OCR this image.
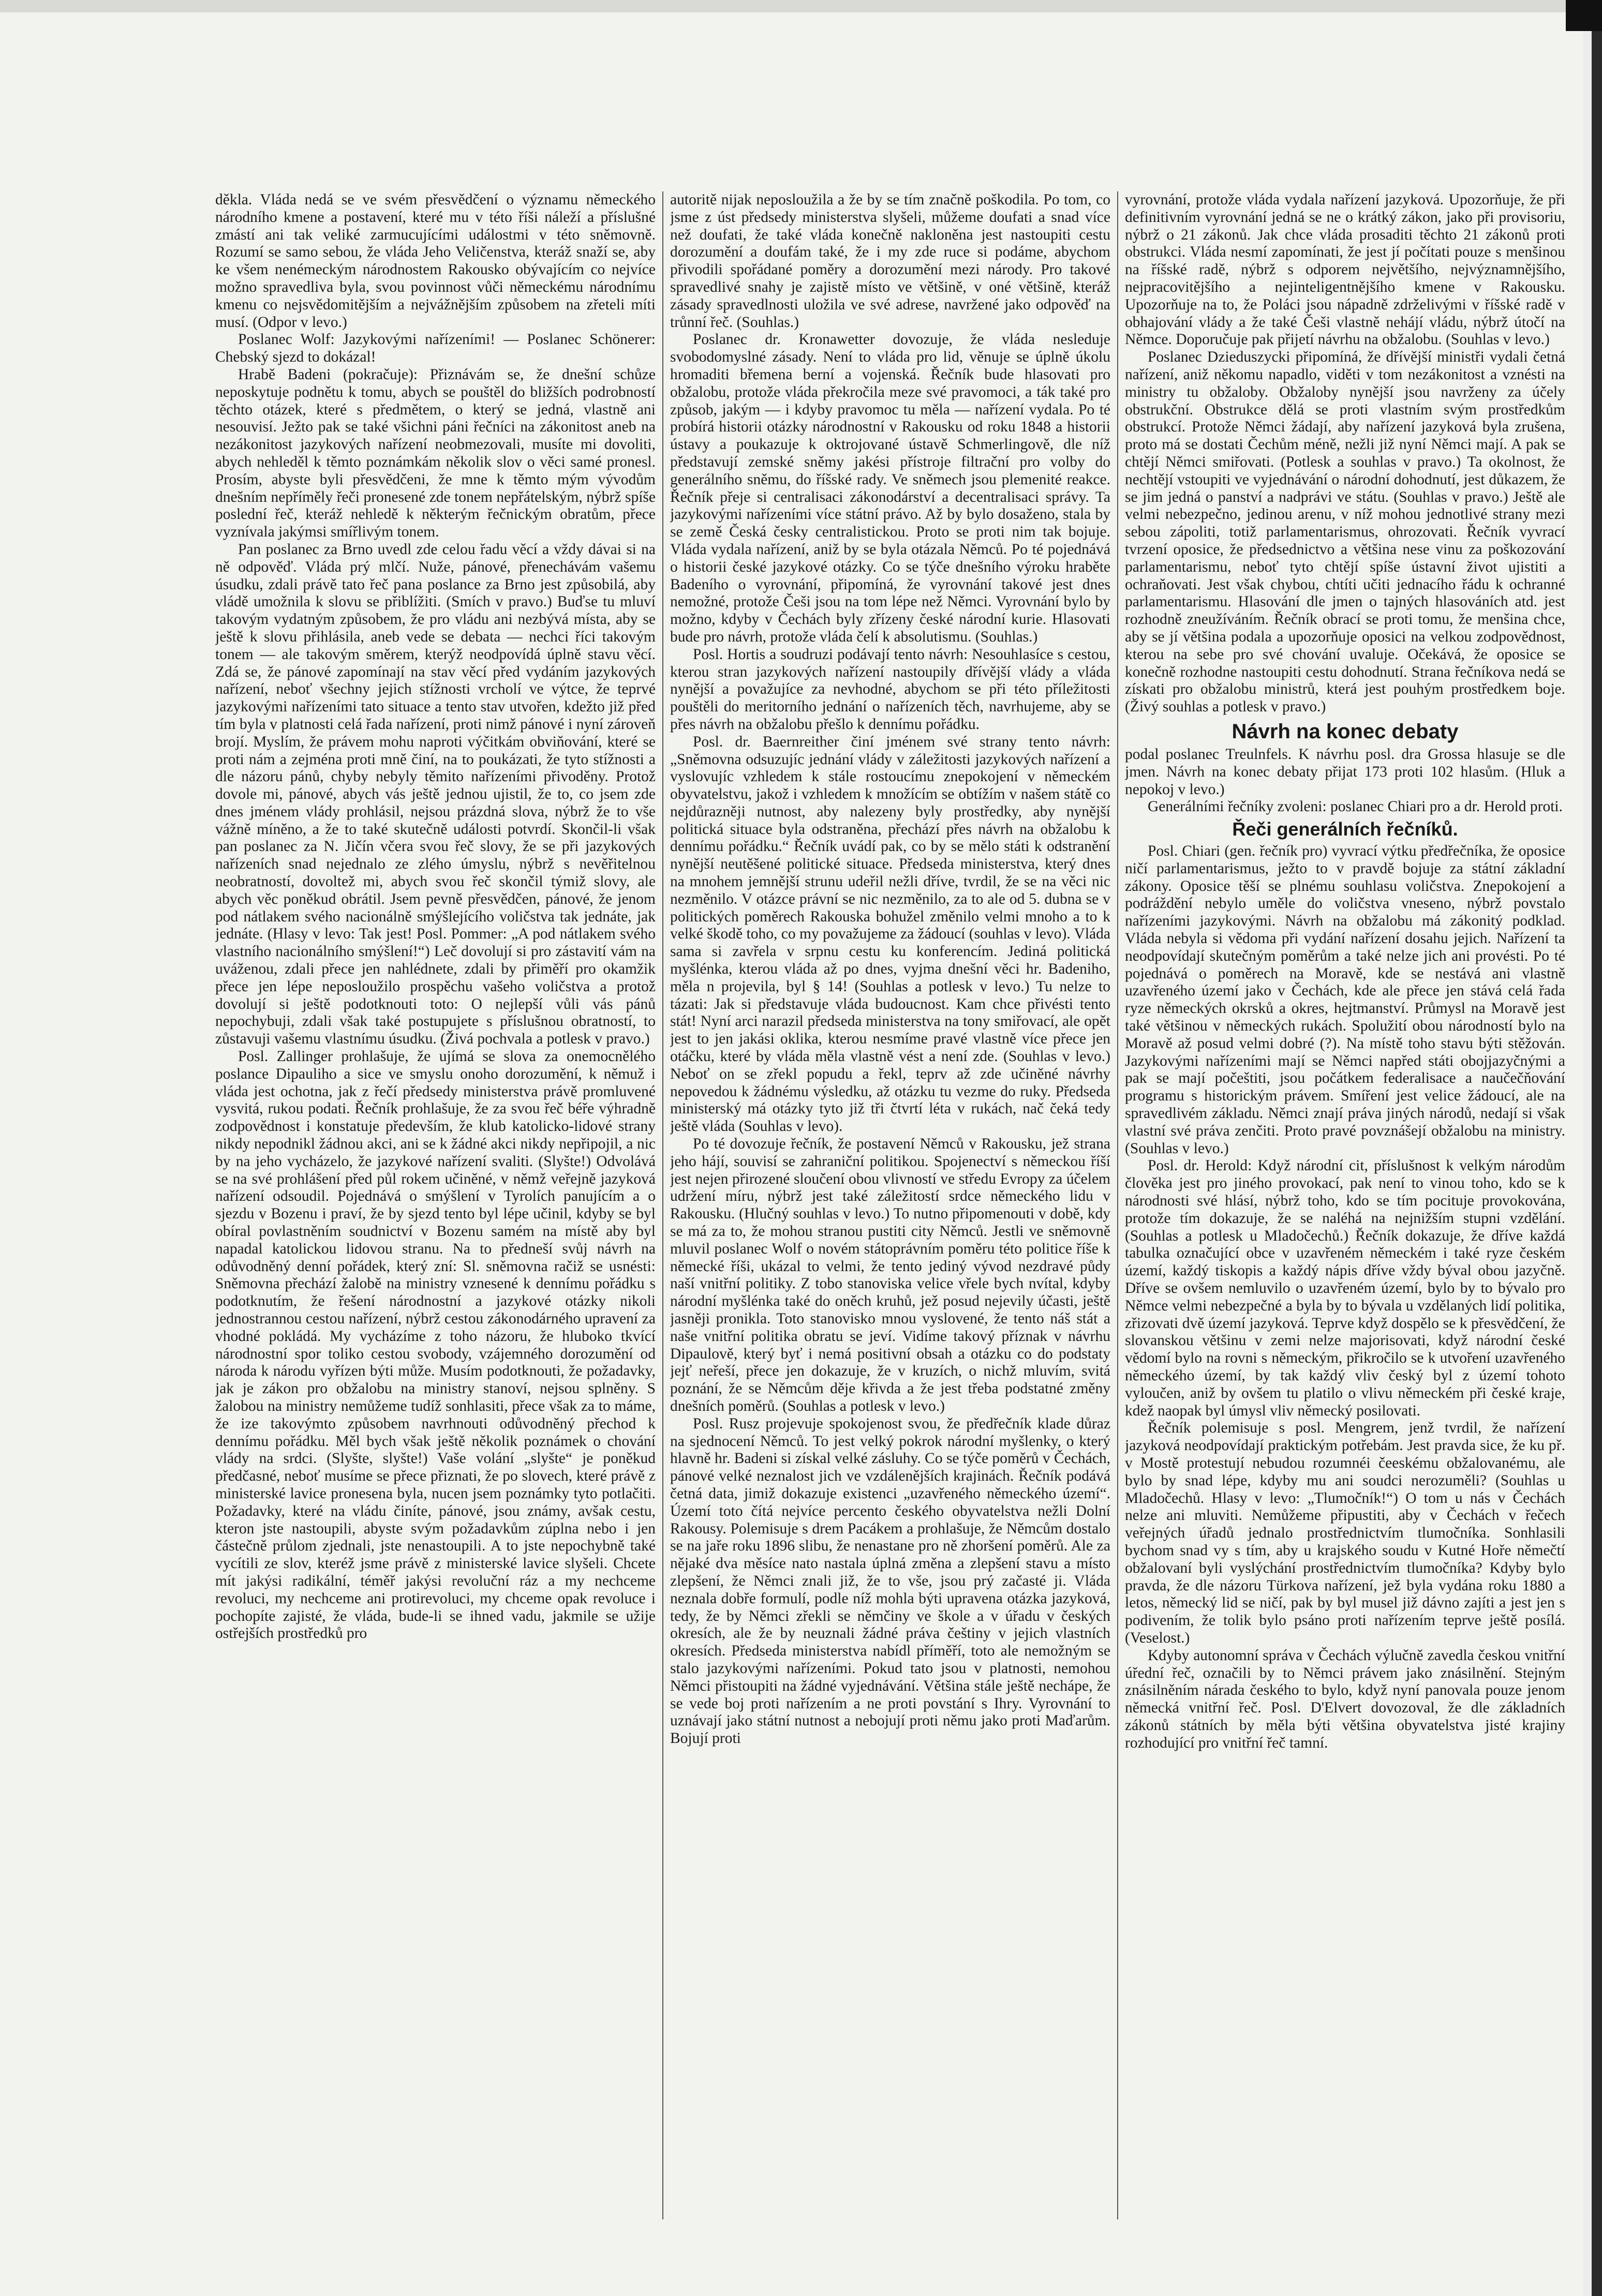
děkla. Vláda nedá se ve svém přesvědčení o významu německého národního kmene a postavení, které mu v této říši náleží a příslušné zmástí ani tak veliké zarmucujícími událostmi v této sněmovně. Rozumí se samo sebou, že vláda Jeho Veličenstva, kteráž snaží se, aby ke všem nenémeckým národnostem Rakousko obývajícím co nejvíce možno spravedliva byla, svou povinnost vůči německému národnímu kmenu co nejsvědomitějším a nejvážnějším způsobem na zřeteli míti musí. (Odpor v levo.)

Poslanec Wolf: Jazykovými nařízeními! — Poslanec Schönerer: Chebský sjezd to dokázal!

Hrabě Badeni (pokračuje): Přiznávám se, že dnešní schůze neposkytuje podnětu k tomu, abych se pouštěl do bližších podrobností těchto otázek, které s předmětem, o který se jedná, vlastně ani nesouvisí. Ježto pak se také všichni páni řečníci na zákonitost aneb na nezákonitost jazykových nařízení neobmezovali, musíte mi dovoliti, abych nehleděl k těmto poznámkám několik slov o věci samé pronesl. Prosím, abyste byli přesvědčeni, že mne k těmto mým vývodům dnešním nepříměly řeči pronesené zde tonem nepřátelským, nýbrž spíše poslední řeč, kteráž nehledě k některým řečnickým obratům, přece vyznívala jakýmsi smířlivým tonem.

Pan poslanec za Brno uvedl zde celou řadu věcí a vždy dávai si na ně odpověď. Vláda prý mlčí. Nuže, pánové, přenechávám vašemu úsudku, zdali právě tato řeč pana poslance za Brno jest způsobilá, aby vládě umožnila k slovu se přiblížiti. (Smích v pravo.) Buďse tu mluví takovým vydatným způsobem, že pro vládu ani nezbývá místa, aby se ještě k slovu přihlásila, aneb vede se debata — nechci říci takovým tonem — ale takovým směrem, kterýž neodpovídá úplně stavu věcí. Zdá se, že pánové zapomínají na stav věcí před vydáním jazykových nařízení, neboť všechny jejich stížnosti vrcholí ve výtce, že teprvé jazykovými nařízeními tato situace a tento stav utvořen, kdežto již před tím byla v platnosti celá řada nařízení, proti nimž pánové i nyní zároveň brojí. Myslím, že právem mohu naproti výčitkám obviňování, které se proti nám a zejména proti mně činí, na to poukázati, že tyto stížnosti a dle názoru pánů, chyby nebyly těmito nařízeními přivoděny. Protož dovole mi, pánové, abych vás ještě jednou ujistil, že to, co jsem zde dnes jménem vlády prohlásil, nejsou prázdná slova, nýbrž že to vše vážně míněno, a že to také skutečně události potvrdí. Skončil-li však pan poslanec za N. Jičín včera svou řeč slovy, že se při jazykových nařízeních snad nejednalo ze zlého úmyslu, nýbrž s nevěřitelnou neobratností, dovoltež mi, abych svou řeč skončil týmiž slovy, ale abych věc poněkud obrátil. Jsem pevně přesvědčen, pánové, že jenom pod nátlakem svého nacionálně smýšlejícího voličstva tak jednáte, jak jednáte. (Hlasy v levo: Tak jest! Posl. Pommer: „A pod nátlakem svého vlastního nacionálního smýšlení!“) Leč dovolují si pro zástavití vám na uváženou, zdali přece jen nahlédnete, zdali by přiměří pro okamžik přece jen lépe neposloužilo prospěchu vašeho voličstva a protož dovolují si ještě podotknouti toto: O nejlepší vůli vás pánů nepochybuji, zdali však také postupujete s příslušnou obratností, to zůstavuji vašemu vlastnímu úsudku. (Živá pochvala a potlesk v pravo.)

Posl. Zallinger prohlašuje, že ujímá se slova za onemocnělého poslance Dipauliho a sice ve smyslu onoho dorozumění, k němuž i vláda jest ochotna, jak z řečí předsedy ministerstva právě promluvené vysvitá, rukou podati. Řečník prohlašuje, že za svou řeč béře výhradně zodpovědnost i konstatuje především, že klub katolicko-lidové strany nikdy nepodnikl žádnou akci, ani se k žádné akci nikdy nepřipojil, a nic by na jeho vycházelo, že jazykové nařízení svaliti. (Slyšte!) Odvolává se na své prohlášení před půl rokem učiněné, v němž veřejně jazyková nařízení odsoudil. Pojednává o smýšlení v Tyrolích panujícím a o sjezdu v Bozenu i praví, že by sjezd tento byl lépe učinil, kdyby se byl obíral povlastněním soudnictví v Bozenu samém na místě aby byl napadal katolickou lidovou stranu. Na to předneší svůj návrh na odůvodněný denní pořádek, který zní: Sl. sněmovna račiž se usnésti: Sněmovna přechází žalobě na ministry vznesené k dennímu pořádku s podotknutím, že řešení národnostní a jazykové otázky nikoli jednostrannou cestou nařízení, nýbrž cestou zákonodárného upravení za vhodné pokládá. My vycházíme z toho názoru, že hluboko tkvící národnostní spor toliko cestou svobody, vzájemného dorozumění od národa k národu vyřízen býti může. Musím podotknouti, že požadavky, jak je zákon pro obžalobu na ministry stanoví, nejsou splněny. S žalobou na ministry nemůžeme tudíž sonhlasiti, přece však za to máme, že ize takovýmto způsobem navrhnouti odůvodněný přechod k dennímu pořádku. Měl bych však ještě několik poznámek o chování vlády na srdci. (Slyšte, slyšte!) Vaše volání „slyšte“ je poněkud předčasné, neboť musíme se přece přiznati, že po slovech, které právě z ministerské lavice pronesena byla, nucen jsem poznámky tyto potlačiti. Požadavky, které na vládu činíte, pánové, jsou známy, avšak cestu, kteron jste nastoupili, abyste svým požadavkům zúplna nebo i jen částečně průlom zjednali, jste nenastoupili. A to jste nepochybně také vycítili ze slov, kteréž jsme právě z ministerské lavice slyšeli. Chcete mít jakýsi radikální, téměř jakýsi revoluční ráz a my nechceme revoluci, my nechceme ani protirevoluci, my chceme opak revoluce i pochopíte zajisté, že vláda, bude-li se ihned vadu, jakmile se užije ostřejších prostředků pro

autoritě nijak neposloužila a že by se tím značně poškodila. Po tom, co jsme z úst předsedy ministerstva slyšeli, můžeme doufati a snad více než doufati, že také vláda konečně nakloněna jest nastoupiti cestu dorozumění a doufám také, že i my zde ruce si podáme, abychom přivodili spořádané poměry a dorozumění mezi národy. Pro takové spravedlivé snahy je zajistě místo ve většině, v oné většině, kteráž zásady spravedlnosti uložila ve své adrese, navržené jako odpověď na trůnní řeč. (Souhlas.)

Poslanec dr. Kronawetter dovozuje, že vláda nesleduje svobodomyslné zásady. Není to vláda pro lid, věnuje se úplně úkolu hromaditi břemena berní a vojenská. Řečník bude hlasovati pro obžalobu, protože vláda překročila meze své pravomoci, a ták také pro způsob, jakým — i kdyby pravomoc tu měla — nařízení vydala. Po té probírá historii otázky národnostní v Rakousku od roku 1848 a historii ústavy a poukazuje k oktrojované ústavě Schmerlingově, dle níž představují zemské sněmy jakési přístroje filtrační pro volby do generálního sněmu, do říšské rady. Ve sněmech jsou plemenité reakce. Řečník přeje si centralisaci zákonodárství a decentralisaci správy. Ta jazykovými nařízeními více státní právo. Až by bylo dosaženo, stala by se země Česká česky centralistickou. Proto se proti nim tak bojuje. Vláda vydala nařízení, aniž by se byla otázala Němců. Po té pojednává o historii české jazykové otázky. Co se týče dnešního výroku hraběte Badeního o vyrovnání, připomíná, že vyrovnání takové jest dnes nemožné, protože Češi jsou na tom lépe než Němci. Vyrovnání bylo by možno, kdyby v Čechách byly zřízeny české národní kurie. Hlasovati bude pro návrh, protože vláda čelí k absolutismu. (Souhlas.)

Posl. Hortis a soudruzi podávají tento návrh: Nesouhlasíce s cestou, kterou stran jazykových nařízení nastoupily dřívější vlády a vláda nynější a považujíce za nevhodné, abychom se při této příležitosti pouštěli do meritorního jednání o nařízeních těch, navrhujeme, aby se přes návrh na obžalobu přešlo k dennímu pořádku.

Posl. dr. Baernreither činí jménem své strany tento návrh: „Sněmovna odsuzujíc jednání vlády v záležitosti jazykových nařízení a vyslovujíc vzhledem k stále rostoucímu znepokojení v německém obyvatelstvu, jakož i vzhledem k množícím se obtížím v našem státě co nejdůrazněji nutnost, aby nalezeny byly prostředky, aby nynější politická situace byla odstraněna, přechází přes návrh na obžalobu k dennímu pořádku.“ Řečník uvádí pak, co by se mělo státi k odstranění nynější neutěšené politické situace. Předseda ministerstva, který dnes na mnohem jemnější strunu udeřil nežli dříve, tvrdil, že se na věci nic nezměnilo. V otázce právní se nic nezměnilo, za to ale od 5. dubna se v politických poměrech Rakouska bohužel změnilo velmi mnoho a to k velké škodě toho, co my považujeme za žádoucí (souhlas v levo). Vláda sama si zavřela v srpnu cestu ku konferencím. Jediná politická myšlénka, kterou vláda až po dnes, vyjma dnešní věci hr. Badeniho, měla n projevila, byl § 14! (Souhlas a potlesk v levo.) Tu nelze to tázati: Jak si představuje vláda budoucnost. Kam chce přivésti tento stát! Nyní arci narazil předseda ministerstva na tony smiřovací, ale opět jest to jen jakási oklika, kterou nesmíme pravé vlastně více přece jen otáčku, které by vláda měla vlastně vést a není zde. (Souhlas v levo.) Neboť on se zřekl popudu a řekl, teprv až zde učiněné návrhy nepovedou k žádnému výsledku, až otázku tu vezme do ruky. Předseda ministerský má otázky tyto již tři čtvrtí léta v rukách, nač čeká tedy ještě vláda (Souhlas v levo).

Po té dovozuje řečník, že postavení Němců v Rakousku, jež strana jeho hájí, souvisí se zahraniční politikou. Spojenectví s německou říší jest nejen přirozené sloučení obou vlivností ve středu Evropy za účelem udržení míru, nýbrž jest také záležitostí srdce německého lidu v Rakousku. (Hlučný souhlas v levo.) To nutno připomenouti v době, kdy se má za to, že mohou stranou pustiti city Němců. Jestli ve sněmovně mluvil poslanec Wolf o novém státoprávním poměru této politice říše k německé říši, ukázal to velmi, že tento jediný vývod nezdravé půdy naší vnitřní politiky. Z tobo stanoviska velice vřele bych nvítal, kdyby národní myšlénka také do oněch kruhů, jež posud nejevily účasti, ještě jasněji pronikla. Toto stanovisko mnou vyslovené, že tento náš stát a naše vnitřní politika obratu se jeví. Vidíme takový příznak v návrhu Dipaulově, který byť i nemá positivní obsah a otázku co do podstaty jejť neřeší, přece jen dokazuje, že v kruzích, o nichž mluvím, svitá poznání, že se Němcům děje křivda a že jest třeba podstatné změny dnešních poměrů. (Souhlas a potlesk v levo.)

Posl. Rusz projevuje spokojenost svou, že předřečník klade důraz na sjednocení Němců. To jest velký pokrok národní myšlenky, o který hlavně hr. Badeni si získal velké zásluhy. Co se týče poměrů v Čechách, pánové velké neznalost jich ve vzdálenějších krajinách. Řečník podává četná data, jimiž dokazuje existenci „uzavřeného německého území“. Území toto čítá nejvíce percento českého obyvatelstva nežli Dolní Rakousy. Polemisuje s drem Pacákem a prohlašuje, že Němcům dostalo se na jaře roku 1896 slibu, že nenastane pro ně zhoršení poměrů. Ale za nějaké dva měsíce nato nastala úplná změna a zlepšení stavu a místo zlepšení, že Němci znali již, že to vše, jsou prý začasté ji. Vláda neznala dobře formulí, podle níž mohla býti upravena otázka jazyková, tedy, že by Němci zřekli se němčiny ve škole a v úřadu v českých okresích, ale že by neuznali žádné práva češtiny v jejich vlastních okresích. Předseda ministerstva nabídl příměří, toto ale nemožným se stalo jazykovými nařízeními. Pokud tato jsou v platnosti, nemohou Němci přistoupiti na žádné vyjednávání. Většina stále ještě nechápe, že se vede boj proti nařízením a ne proti povstání s Ihry. Vyrovnání to uznávají jako státní nutnost a nebojují proti němu jako proti Maďarům. Bojují proti

vyrovnání, protože vláda vydala nařízení jazyková. Upozorňuje, že při definitivním vyrovnání jedná se ne o krátký zákon, jako při provisoriu, nýbrž o 21 zákonů. Jak chce vláda prosaditi těchto 21 zákonů proti obstrukci. Vláda nesmí zapomínati, že jest jí počítati pouze s menšinou na říšské radě, nýbrž s odporem největšího, nejvýznamnějšího, nejpracovitějšího a nejinteligentnějšího kmene v Rakousku. Upozorňuje na to, že Poláci jsou nápadně zdrželivými v říšské radě v obhajování vlády a že také Češi vlastně nehájí vládu, nýbrž útočí na Němce. Doporučuje pak přijetí návrhu na obžalobu. (Souhlas v levo.)

Poslanec Dzieduszycki připomíná, že dřívější ministři vydali četná nařízení, aniž někomu napadlo, viděti v tom nezákonitost a vznésti na ministry tu obžaloby. Obžaloby nynější jsou navrženy za účely obstrukční. Obstrukce dělá se proti vlastním svým prostředkům obstrukcí. Protože Němci žádají, aby nařízení jazyková byla zrušena, proto má se dostati Čechům méně, nežli již nyní Němci mají. A pak se chtějí Němci smiřovati. (Potlesk a souhlas v pravo.) Ta okolnost, že nechtějí vstoupiti ve vyjednávání o národní dohodnutí, jest důkazem, že se jim jedná o panství a nadprávi ve státu. (Souhlas v pravo.) Ještě ale velmi nebezpečno, jedinou arenu, v níž mohou jednotlivé strany mezi sebou zápoliti, totiž parlamentarismus, ohrozovati. Řečník vyvrací tvrzení oposice, že předsednictvo a většina nese vinu za poškozování parlamentarismu, neboť tyto chtějí spíše ústavní život ujistiti a ochraňovati. Jest však chybou, chtíti učiti jednacího řádu k ochranné parlamentarismu. Hlasování dle jmen o tajných hlasováních atd. jest rozhodně zneužíváním. Řečník obrací se proti tomu, že menšina chce, aby se jí většina podala a upozorňuje oposici na velkou zodpovědnost, kterou na sebe pro své chování uvaluje. Očekává, že oposice se konečně rozhodne nastoupiti cestu dohodnutí. Strana řečníkova nedá se získati pro obžalobu ministrů, která jest pouhým prostředkem boje. (Živý souhlas a potlesk v pravo.)

Návrh na konec debaty

podal poslanec Treulnfels. K návrhu posl. dra Grossa hlasuje se dle jmen. Návrh na konec debaty přijat 173 proti 102 hlasům. (Hluk a nepokoj v levo.)

Generálními řečníky zvoleni: poslanec Chiari pro a dr. Herold proti.

Řeči generálních řečníků.

Posl. Chiari (gen. řečník pro) vyvrací výtku předřečníka, že oposice ničí parlamentarismus, ježto to v pravdě bojuje za státní základní zákony. Oposice těší se plnému souhlasu voličstva. Znepokojení a podráždění nebylo uměle do voličstva vneseno, nýbrž povstalo nařízeními jazykovými. Návrh na obžalobu má zákonitý podklad. Vláda nebyla si vědoma při vydání nařízení dosahu jejich. Nařízení ta neodpovídají skutečným poměrům a také nelze jich ani provésti. Po té pojednává o poměrech na Moravě, kde se nestává ani vlastně uzavřeného území jako v Čechách, kde ale přece jen stává celá řada ryze německých okrsků a okres, hejtmanství. Průmysl na Moravě jest také většinou v německých rukách. Spolužití obou národností bylo na Moravě až posud velmi dobré (?). Na místě toho stavu býti stěžován. Jazykovými nařízeními mají se Němci napřed státi obojjazyčnými a pak se mají počeštiti, jsou počátkem federalisace a naučečňování programu s historickým právem. Smíření jest velice žádoucí, ale na spravedlivém základu. Němci znají práva jiných národů, nedají si však vlastní své práva zenčiti. Proto pravé povznášejí obžalobu na ministry. (Souhlas v levo.)

Posl. dr. Herold: Když národní cit, příslušnost k velkým národům člověka jest pro jiného provokací, pak není to vinou toho, kdo se k národnosti své hlásí, nýbrž toho, kdo se tím pocituje provokována, protože tím dokazuje, že se naléhá na nejnižším stupni vzdělání. (Souhlas a potlesk u Mladočechů.) Řečník dokazuje, že dříve každá tabulka označující obce v uzavřeném německém i také ryze českém území, každý tiskopis a každý nápis dříve vždy býval obou jazyčně. Dříve se ovšem nemluvilo o uzavřeném území, bylo by to bývalo pro Němce velmi nebezpečné a byla by to bývala u vzdělaných lidí politika, zřizovati dvě území jazyková. Teprve když dospělo se k přesvědčení, že slovanskou většinu v zemi nelze majorisovati, když národní české vědomí bylo na rovni s německým, přikročilo se k utvoření uzavřeného německého území, by tak každý vliv český byl z území tohoto vyloučen, aniž by ovšem tu platilo o vlivu německém při české kraje, kdež naopak byl úmysl vliv německý posilovati.

Řečník polemisuje s posl. Mengrem, jenž tvrdil, že nařízení jazyková neodpovídají praktickým potřebám. Jest pravda sice, že ku př. v Mostě protestují nebudou rozumnéi čeeskému obžalovanému, ale bylo by snad lépe, kdyby mu ani soudci nerozuměli? (Souhlas u Mladočechů. Hlasy v levo: „Tlumočník!“) O tom u nás v Čechách nelze ani mluviti. Nemůžeme připustiti, aby v Čechách v řečech veřejných úřadů jednalo prostřednictvím tlumočníka. Sonhlasili bychom snad vy s tím, aby u krajského soudu v Kutné Hoře němečtí obžalovaní byli vyslýchání prostřednictvím tlumočníka? Kdyby bylo pravda, že dle názoru Türkova nařízení, jež byla vydána roku 1880 a letos, německý lid se ničí, pak by byl musel již dávno zajíti a jest jen s podivením, že tolik bylo psáno proti nařízením teprve ještě posílá. (Veselost.)

Kdyby autonomní správa v Čechách výlučně zavedla českou vnitřní úřední řeč, označili by to Němci právem jako znásilnění. Stejným znásilněním nárada českého to bylo, když nyní panovala pouze jenom německá vnitřní řeč. Posl. D'Elvert dovozoval, že dle základních zákonů státních by měla býti většina obyvatelstva jisté krajiny rozhodující pro vnitřní řeč tamní.
